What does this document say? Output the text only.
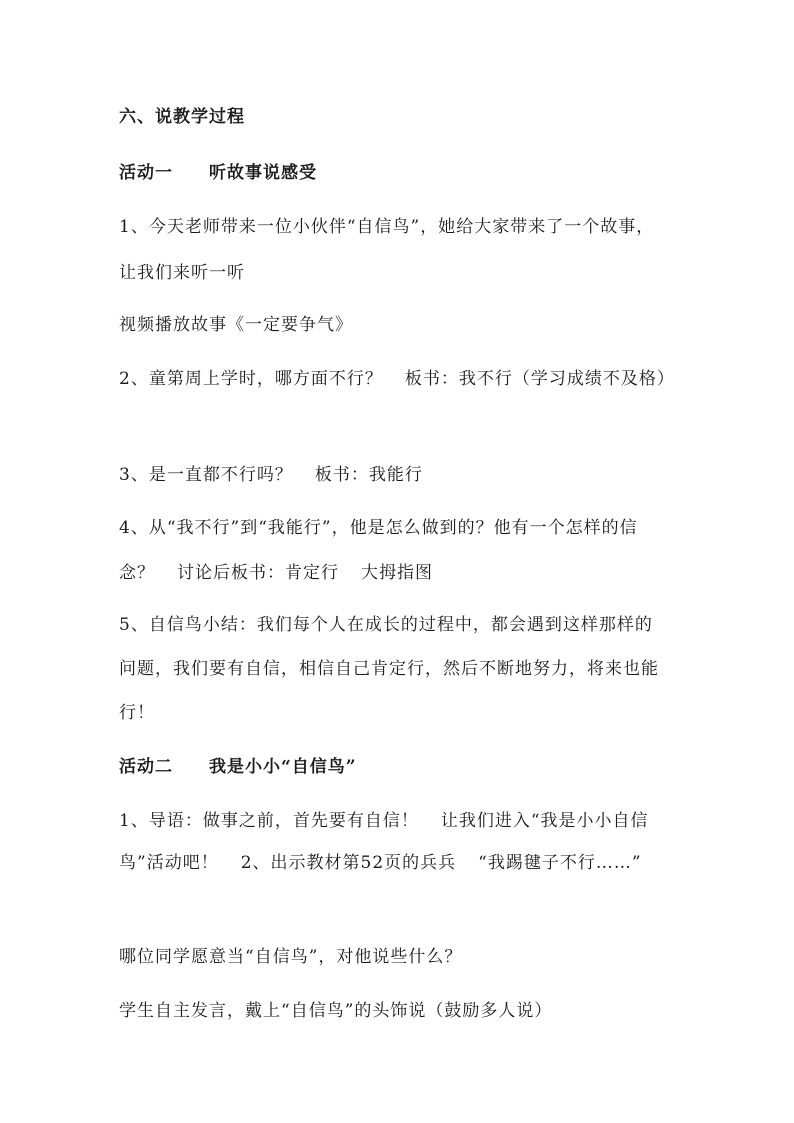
六、说教学过程
活动一 听故事说感受
1、今天老师带来一位小伙伴“自信鸟”，她给大家带来了一个故事，
让我们来听一听
视频播放故事《一定要争气》
2、童第周上学时，哪方面不行？ 板书：我不行（学习成绩不及格）
3、是一直都不行吗？ 板书：我能行
4、从“我不行”到“我能行”，他是怎么做到的？他有一个怎样的信
念？ 讨论后板书：肯定行 大拇指图
5、自信鸟小结：我们每个人在成长的过程中，都会遇到这样那样的
问题，我们要有自信，相信自己肯定行，然后不断地努力，将来也能
行！
活动二 我是小小“自信鸟”
1、导语：做事之前，首先要有自信！ 让我们进入“我是小小自信
鸟”活动吧！ 2、出示教材第52页的兵兵 “我踢毽子不行……”
哪位同学愿意当“自信鸟”，对他说些什么？
学生自主发言，戴上“自信鸟”的头饰说（鼓励多人说）
